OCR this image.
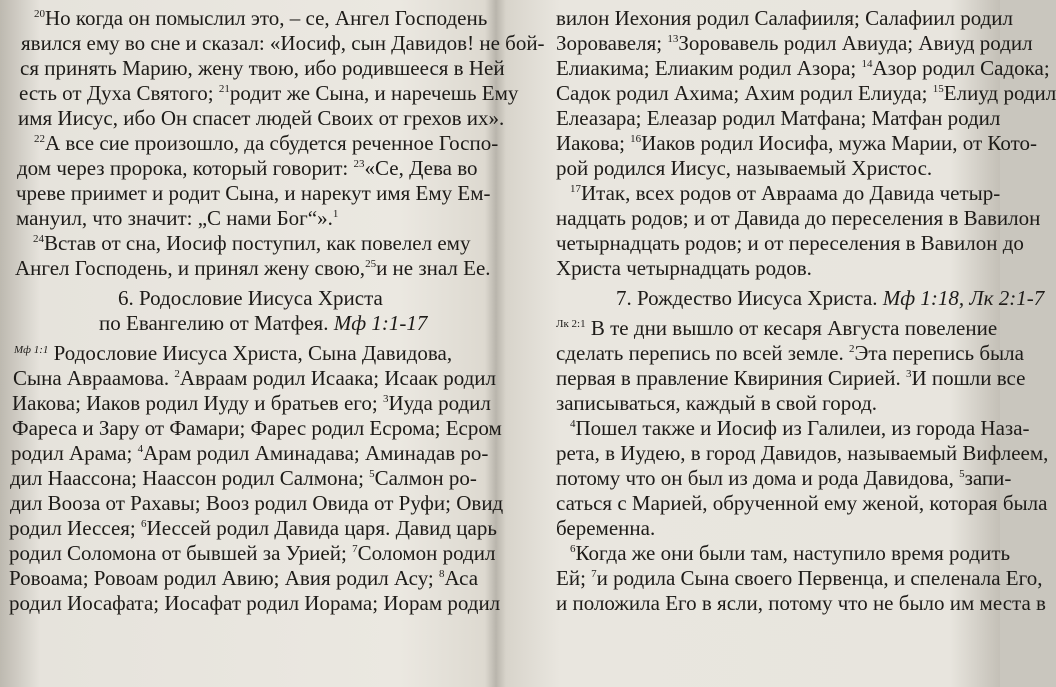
$^{20}$Но когда он помыслил это, – се, Ангел Господень
явился ему во сне и сказал: «Иосиф, сын Давидов! не бой-
ся принять Марию, жену твою, ибо родившееся в Ней
есть от Духа Святого; $^{21}$родит же Сына, и наречешь Ему
имя Иисус, ибо Он спасет людей Своих от грехов их».
$^{22}$А все сие произошло, да сбудется реченное Госпо-
дом через пророка, который говорит: $^{23}$«Се, Дева во
чреве приимет и родит Сына, и нарекут имя Ему Ем-
мануил, что значит: „С нами Бог“».$^1$
$^{24}$Встав от сна, Иосиф поступил, как повелел ему
Ангел Господень, и принял жену свою,$^{25}$и не знал Ее.
6. Родословие Иисуса Христа
по Евангелию от Матфея. Мф 1:1-17
$^{Мф 1:1}$ Родословие Иисуса Христа, Сына Давидова,
Сына Авраамова. $^2$Авраам родил Исаака; Исаак родил
Иакова; Иаков родил Иуду и братьев его; $^3$Иуда родил
Фареса и Зару от Фамари; Фарес родил Есрома; Есром
родил Арама; $^4$Арам родил Аминадава; Аминадав ро-
дил Наассона; Наассон родил Салмона; $^5$Салмон ро-
дил Вооза от Рахавы; Вооз родил Овида от Руфи; Овид
родил Иессея; $^6$Иессей родил Давида царя. Давид царь
родил Соломона от бывшей за Урией; $^7$Соломон родил
Ровоама; Ровоам родил Авию; Авия родил Асу; $^8$Аса
родил Иосафата; Иосафат родил Иорама; Иорам родил
вилон Иехония родил Салафииля; Салафиил родил
Зоровавеля; $^{13}$Зоровавель родил Авиуда; Авиуд родил
Елиакима; Елиаким родил Азора; $^{14}$Азор родил Садока;
Садок родил Ахима; Ахим родил Елиуда; $^{15}$Елиуд родил
Елеазара; Елеазар родил Матфана; Матфан родил
Иакова; $^{16}$Иаков родил Иосифа, мужа Марии, от Кото-
рой родился Иисус, называемый Христос.
$^{17}$Итак, всех родов от Авраама до Давида четыр-
надцать родов; и от Давида до переселения в Вавилон
четырнадцать родов; и от переселения в Вавилон до
Христа четырнадцать родов.
7. Рождество Иисуса Христа. Мф 1:18, Лк 2:1-7
$^{Лк 2:1}$ В те дни вышло от кесаря Августа повеление
сделать перепись по всей земле. $^2$Эта перепись была
первая в правление Квириния Сирией. $^3$И пошли все
записываться, каждый в свой город.
$^4$Пошел также и Иосиф из Галилеи, из города Наза-
рета, в Иудею, в город Давидов, называемый Вифлеем,
потому что он был из дома и рода Давидова, $^5$запи-
саться с Марией, обрученной ему женой, которая была
беременна.
$^6$Когда же они были там, наступило время родить
Ей; $^7$и родила Сына своего Первенца, и спеленала Его,
и положила Его в ясли, потому что не было им места в
